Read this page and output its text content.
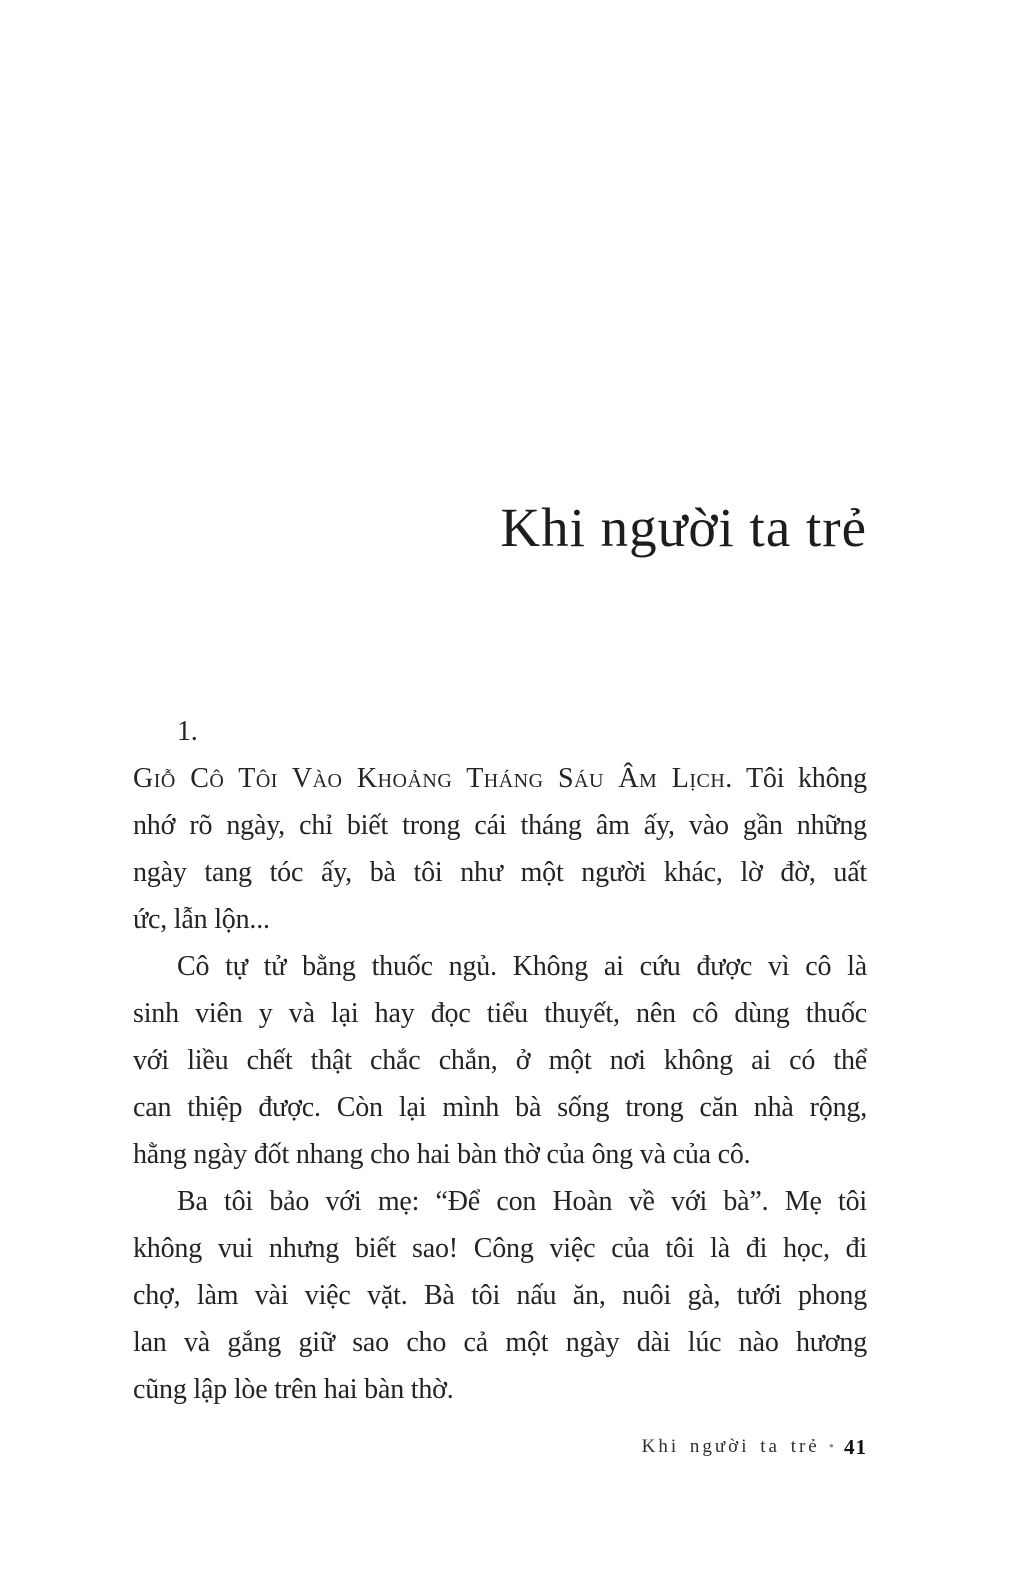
Khi người ta trẻ
1.
Giỗ Cô Tôi Vào Khoảng Tháng Sáu Âm Lịch. Tôi không
nhớ rõ ngày, chỉ biết trong cái tháng âm ấy, vào gần những
ngày tang tóc ấy, bà tôi như một người khác, lờ đờ, uất
ức, lẫn lộn...
Cô tự tử bằng thuốc ngủ. Không ai cứu được vì cô là
sinh viên y và lại hay đọc tiểu thuyết, nên cô dùng thuốc
với liều chết thật chắc chắn, ở một nơi không ai có thể
can thiệp được. Còn lại mình bà sống trong căn nhà rộng,
hằng ngày đốt nhang cho hai bàn thờ của ông và của cô.
Ba tôi bảo với mẹ: “Để con Hoàn về với bà”. Mẹ tôi
không vui nhưng biết sao! Công việc của tôi là đi học, đi
chợ, làm vài việc vặt. Bà tôi nấu ăn, nuôi gà, tưới phong
lan và gắng giữ sao cho cả một ngày dài lúc nào hương
cũng lập lòe trên hai bàn thờ.
Khi người ta trẻ • 41
